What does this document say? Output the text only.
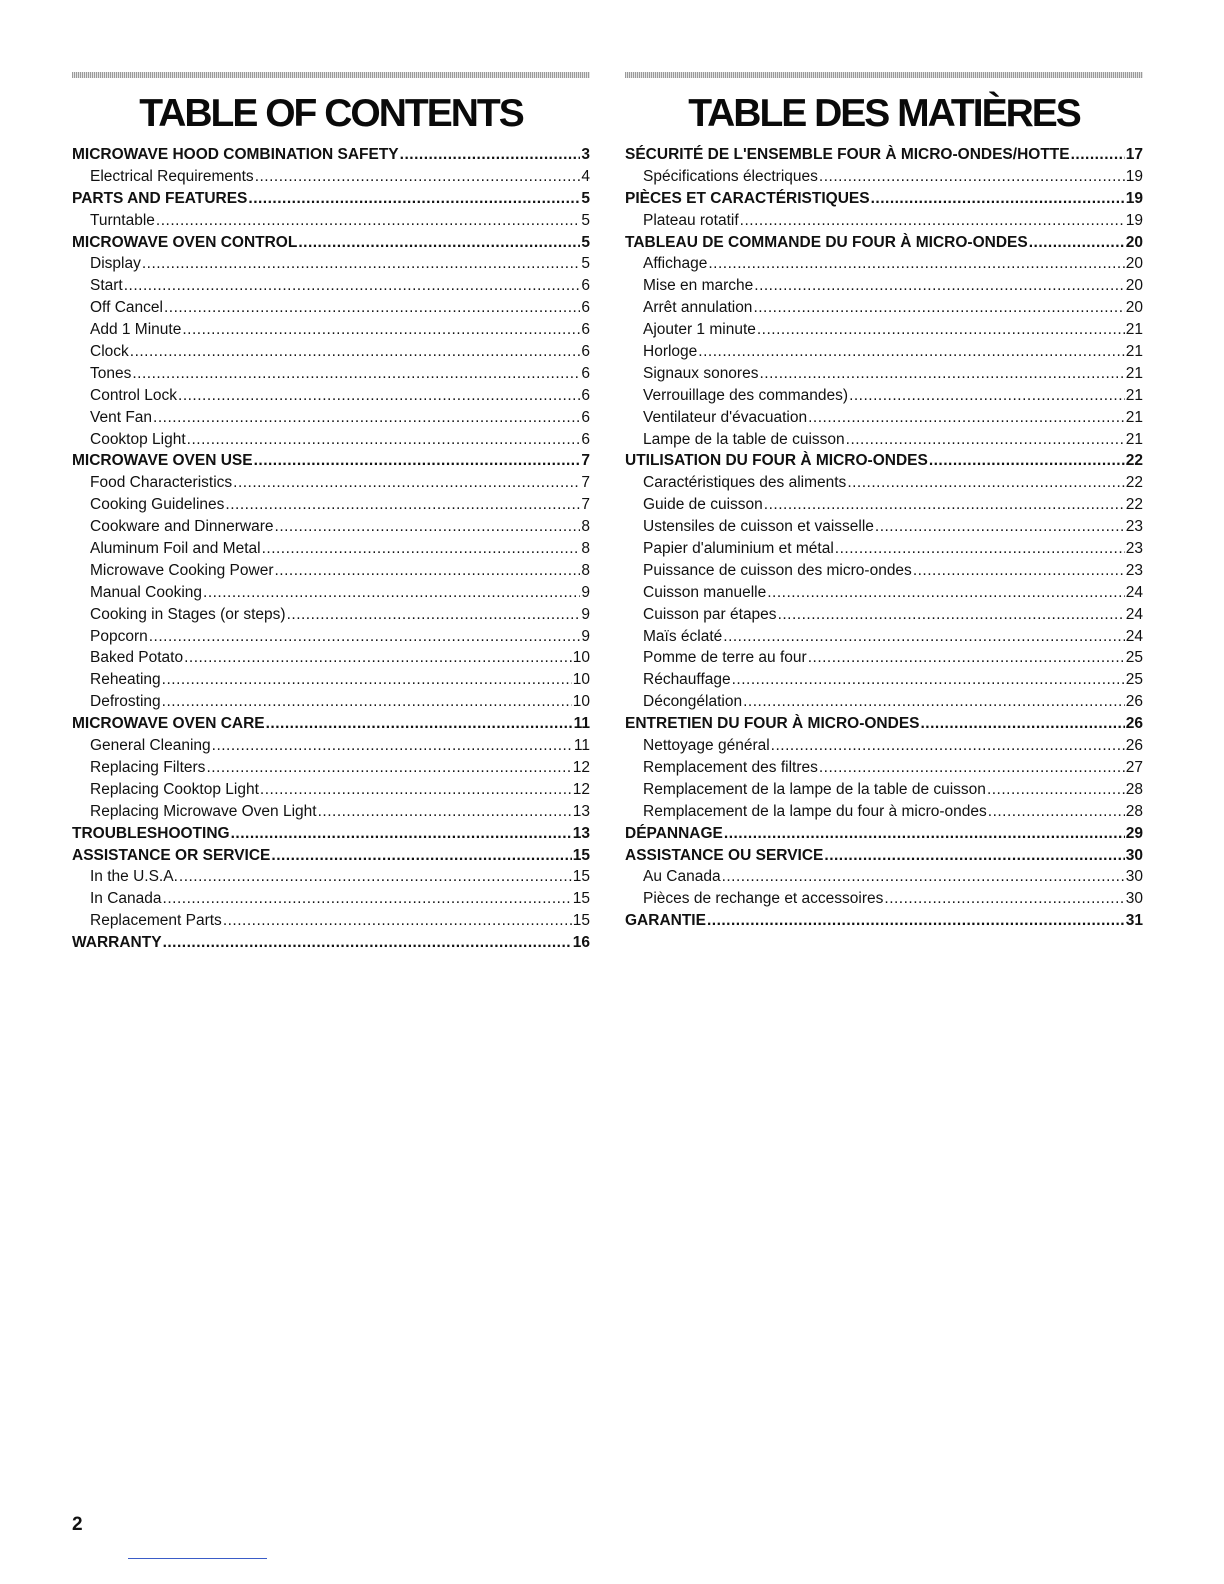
TABLE OF CONTENTS
MICROWAVE HOOD COMBINATION SAFETY .....	3
Electrical Requirements .....	4
PARTS AND FEATURES .....	5
Turntable .....	5
MICROWAVE OVEN CONTROL .....	5
Display .....	5
Start .....	6
Off Cancel .....	6
Add 1 Minute .....	6
Clock .....	6
Tones .....	6
Control Lock .....	6
Vent Fan .....	6
Cooktop Light .....	6
MICROWAVE OVEN USE .....	7
Food Characteristics .....	7
Cooking Guidelines .....	7
Cookware and Dinnerware .....	8
Aluminum Foil and Metal .....	8
Microwave Cooking Power .....	8
Manual Cooking .....	9
Cooking in Stages (or steps) .....	9
Popcorn .....	9
Baked Potato .....	10
Reheating .....	10
Defrosting .....	10
MICROWAVE OVEN CARE .....	11
General Cleaning .....	11
Replacing Filters .....	12
Replacing Cooktop Light .....	12
Replacing Microwave Oven Light .....	13
TROUBLESHOOTING .....	13
ASSISTANCE OR SERVICE .....	15
In the U.S.A. .....	15
In Canada .....	15
Replacement Parts .....	15
WARRANTY .....	16
TABLE DES MATIÈRES
SÉCURITÉ DE L'ENSEMBLE FOUR À MICRO-ONDES/HOTTE .....	17
Spécifications électriques .....	19
PIÈCES ET CARACTÉRISTIQUES .....	19
Plateau rotatif .....	19
TABLEAU DE COMMANDE DU FOUR À MICRO-ONDES .....	20
Affichage .....	20
Mise en marche .....	20
Arrêt annulation .....	20
Ajouter 1 minute .....	21
Horloge .....	21
Signaux sonores .....	21
Verrouillage des commandes) .....	21
Ventilateur d'évacuation .....	21
Lampe de la table de cuisson .....	21
UTILISATION DU FOUR À MICRO-ONDES .....	22
Caractéristiques des aliments .....	22
Guide de cuisson .....	22
Ustensiles de cuisson et vaisselle .....	23
Papier d'aluminium et métal .....	23
Puissance de cuisson des micro-ondes .....	23
Cuisson manuelle .....	24
Cuisson par étapes .....	24
Maïs éclaté .....	24
Pomme de terre au four .....	25
Réchauffage .....	25
Décongélation .....	26
ENTRETIEN DU FOUR À MICRO-ONDES .....	26
Nettoyage général .....	26
Remplacement des filtres .....	27
Remplacement de la lampe de la table de cuisson .....	28
Remplacement de la lampe du four à micro-ondes .....	28
DÉPANNAGE .....	29
ASSISTANCE OU SERVICE .....	30
Au Canada .....	30
Pièces de rechange et accessoires .....	30
GARANTIE .....	31
2
